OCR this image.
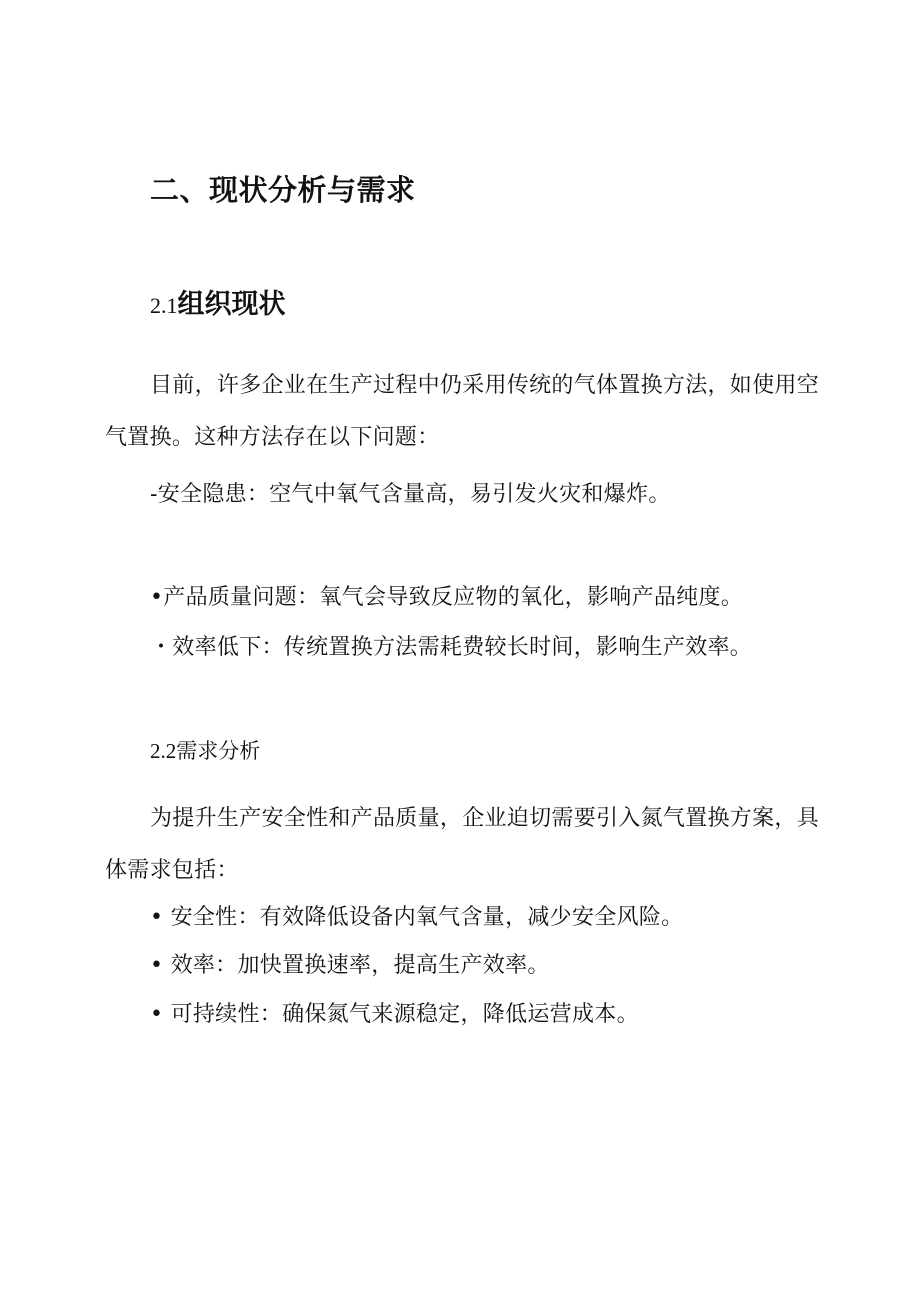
二、现状分析与需求
2.1组织现状
目前，许多企业在生产过程中仍采用传统的气体置换方法，如使用空气置换。这种方法存在以下问题：
-安全隐患：空气中氧气含量高，易引发火灾和爆炸。
•产品质量问题：氧气会导致反应物的氧化，影响产品纯度。
・效率低下：传统置换方法需耗费较长时间，影响生产效率。
2.2需求分析
为提升生产安全性和产品质量，企业迫切需要引入氮气置换方案，具体需求包括：
• 安全性：有效降低设备内氧气含量，减少安全风险。
• 效率：加快置换速率，提高生产效率。
• 可持续性：确保氮气来源稳定，降低运营成本。
